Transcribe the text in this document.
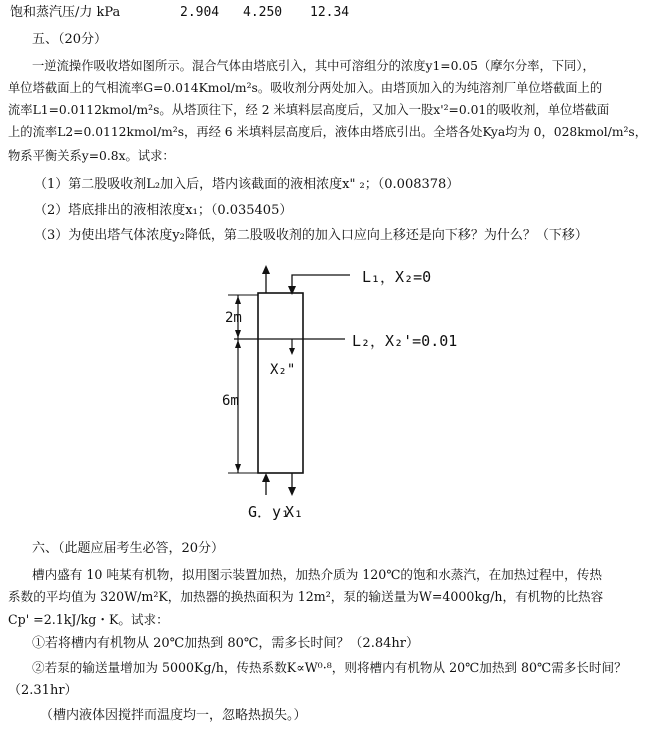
饱和蒸汽压/力 kPa	2.904 4.250 12.34
五、（20分）
一逆流操作吸收塔如图所示。混合气体由塔底引入，其中可溶组分的浓度y1=0.05（摩尔分率，下同），
单位塔截面上的气相流率G=0.014Kmol/m²s。吸收剂分两处加入。由塔顶加入的为纯溶剂厂单位塔截面上的
流率L1=0.0112kmol/m²s。从塔顶往下，经 2 米填料层高度后，又加入一股x'²=0.01的吸收剂，单位塔截面
上的流率L2=0.0112kmol/m²s，再经 6 米填料层高度后，液体由塔底引出。全塔各处Kya均为 0，028kmol/m²s，
物系平衡关系y=0.8x。试求：
（1）第二股吸收剂L₂加入后，塔内该截面的液相浓度x" ₂；（0.008378）
（2）塔底排出的液相浓度x₁；（0.035405）
（3）为使出塔气体浓度y₂降低，第二股吸收剂的加入口应向上移还是向下移？为什么？（下移）
L₁，X₂=0
L₂，X₂'=0.01
X₂"
2m
6m
G．y₁
X₁
六、（此题应届考生必答，20分）
槽内盛有 10 吨某有机物，拟用图示装置加热，加热介质为 120℃的饱和水蒸汽，在加热过程中，传热
系数的平均值为 320W/m²K，加热器的换热面积为 12m²，泵的输送量为W=4000kg/h，有机物的比热容
Cp' =2.1kJ/kg・K。试求：
①若将槽内有机物从 20℃加热到 80℃，需多长时间？（2.84hr）
②若泵的输送量增加为 5000Kg/h，传热系数K∝W⁰·⁸，则将槽内有机物从 20℃加热到 80℃需多长时间？
（2.31hr）
（槽内液体因搅拌而温度均一，忽略热损失。）
